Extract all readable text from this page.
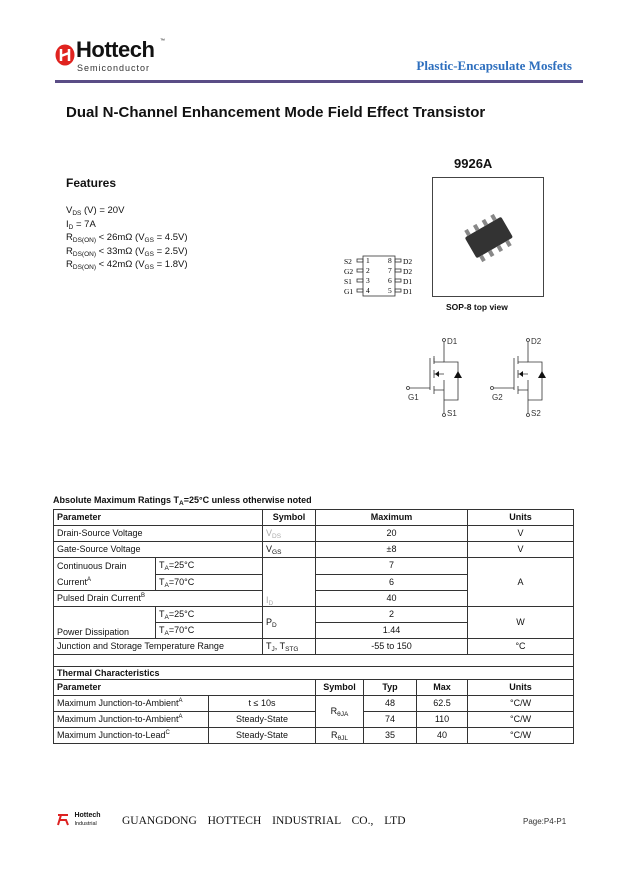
Hottech ™
Semiconductor	Plastic-Encapsulate Mosfets
Dual N-Channel Enhancement Mode Field Effect Transistor
9926A
Features
$V_{DS}$ (V) = 20V
$I_D = 7A$
$R_{DS(ON)} < 26m\Omega$ $(V_{GS} = 4.5V)$
$R_{DS(ON)} < 33m\Omega$ $(V_{GS} = 2.5V)$
$R_{DS(ON)} < 42m\Omega$ $(V_{GS} = 1.8V)$
SOP-8 top view
S2
G2
S1
G1
1
2
3
4
8
7
6
5
D2
D2
D1
D1
D1
G1
S1
D2
G2
S2
Absolute Maximum Ratings $T_A=25^\circ C$ unless otherwise noted
Parameter		Symbol	Maximum	Units
Drain-Source Voltage		$V_{DS}$	20	V
Gate-Source Voltage		$V_{GS}$	±8	V
Continuous Drain Current$^A$	$T_A=25^\circ C$	$I_D$	7	A
	$T_A=70^\circ C$		6	
Pulsed Drain Current$^B$			40	
Power Dissipation	$T_A=25^\circ C$	$P_D$	2	W
	$T_A=70^\circ C$		1.44	
Junction and Storage Temperature Range		$T_J$, $T_{STG}$	-55 to 150	°C

Thermal Characteristics					
Parameter		Symbol	Typ	Max	Units
Maximum Junction-to-Ambient$^A$	t ≤ 10s	$R_{\theta JA}$	48	62.5	°C/W
Maximum Junction-to-Ambient$^A$	Steady-State		74	110	°C/W
Maximum Junction-to-Lead$^C$	Steady-State	$R_{\theta JL}$	35	40	°C/W
Hottech
Industrial	GUANGDONG HOTTECH INDUSTRIAL CO., LTD	Page:P4-P1
